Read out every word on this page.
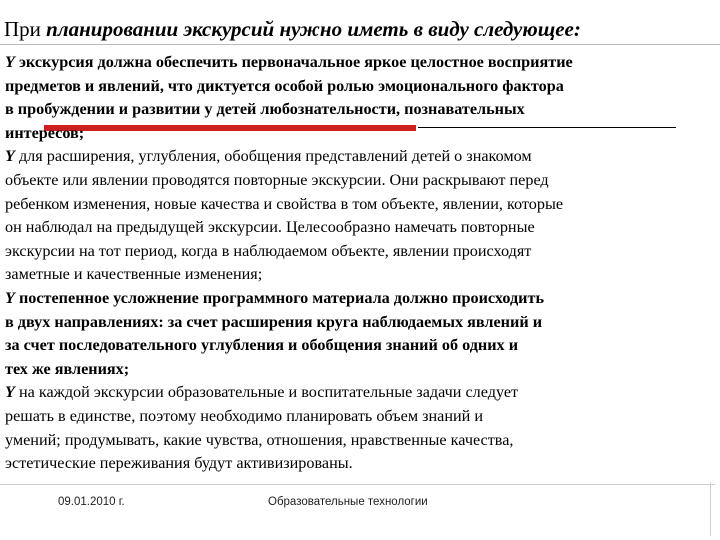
При планировании экскурсий нужно иметь в виду следующее:
Ү экскурсия должна обеспечить первоначальное яркое целостное восприятие
предметов и явлений, что диктуется особой ролью эмоционального фактора
в пробуждении и развитии у детей любознательности, познавательных
интересов;
Ү для расширения, углубления, обобщения представлений детей о знакомом
объекте или явлении проводятся повторные экскурсии. Они раскрывают перед
ребенком изменения, новые качества и свойства в том объекте, явлении, которые
он наблюдал на предыдущей экскурсии. Целесообразно намечать повторные
экскурсии на тот период, когда в наблюдаемом объекте, явлении происходят
заметные и качественные изменения;
Ү постепенное усложнение программного материала должно происходить
в двух направлениях: за счет расширения круга наблюдаемых явлений и
за счет последовательного углубления и обобщения знаний об одних и
тех же явлениях;
Ү на каждой экскурсии образовательные и воспитательные задачи следует
решать в единстве, поэтому необходимо планировать объем знаний и
умений; продумывать, какие чувства, отношения, нравственные качества,
эстетические переживания будут активизированы.
09.01.2010 г.	Образовательные технологии
